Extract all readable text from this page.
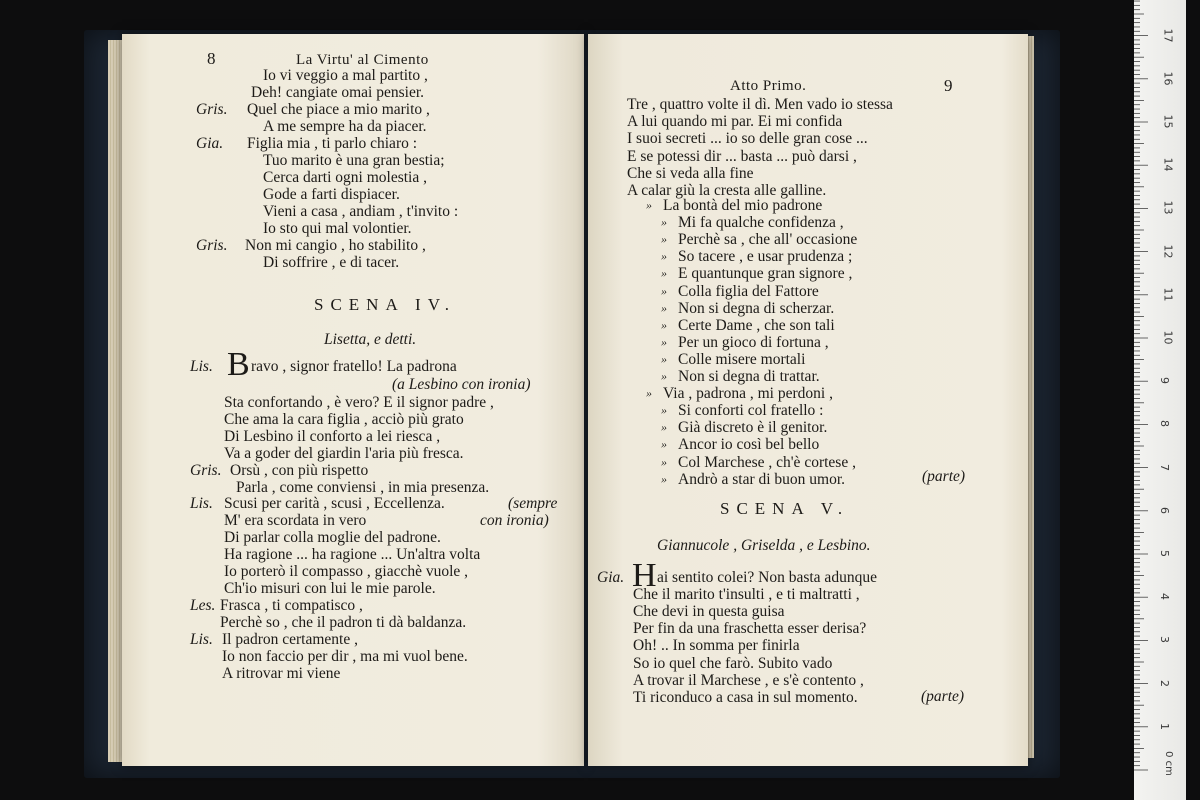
8	La Virtu' al Cimento
Io vi veggio a mal partito ,
Deh! cangiate omai pensier.
Gris. Quel che piace a mio marito ,
A me sempre ha da piacer.
Gia. Figlia mia , ti parlo chiaro :
Tuo marito è una gran bestia;
Cerca darti ogni molestia ,
Gode a farti dispiacer.
Vieni a casa , andiam , t'invito :
Io sto qui mal volontier.
Gris. Non mi cangio , ho stabilito ,
Di soffrire , e di tacer.
SCENA IV.
Lisetta, e detti.
Lis. B ravo , signor fratello! La padrona
(a Lesbino con ironia)
Sta confortando , è vero? E il signor padre ,
Che ama la cara figlia , acciò più grato
Di Lesbino il conforto a lei riesca ,
Va a goder del giardin l'aria più fresca.
Gris. Orsù , con più rispetto
Parla , come conviensi , in mia presenza.
Lis. Scusi per carità , scusi , Eccellenza.	(sempre
M' era scordata in vero	con ironia)
Di parlar colla moglie del padrone.
Ha ragione ... ha ragione ... Un'altra volta
Io porterò il compasso , giacchè vuole ,
Ch'io misuri con lui le mie parole.
Les. Frasca , ti compatisco ,
Perchè so , che il padron ti dà baldanza.
Lis. Il padron certamente ,
Io non faccio per dir , ma mi vuol bene.
A ritrovar mi viene
Atto Primo.	9
Tre , quattro volte il dì. Men vado io stessa
A lui quando mi par. Ei mi confida
I suoi secreti ... io so delle gran cose ...
E se potessi dir ... basta ... può darsi ,
Che si veda alla fine
A calar giù la cresta alle galline.
» La bontà del mio padrone
» Mi fa qualche confidenza ,
» Perchè sa , che all' occasione
» So tacere , e usar prudenza ;
» E quantunque gran signore ,
» Colla figlia del Fattore
» Non si degna di scherzar.
» Certe Dame , che son tali
» Per un gioco di fortuna ,
» Colle misere mortali
» Non si degna di trattar.
» Via , padrona , mi perdoni ,
» Si conforti col fratello :
» Già discreto è il genitor.
» Ancor io così bel bello
» Col Marchese , ch'è cortese ,
» Andrò a star di buon umor.	(parte)
SCENA V.
Giannucole , Griselda , e Lesbino.
Gia. H ai sentito colei? Non basta adunque
Che il marito t'insulti , e ti maltratti ,
Che devi in questa guisa
Per fin da una fraschetta esser derisa?
Oh! .. In somma per finirla
So io quel che farò. Subito vado
A trovar il Marchese , e s'è contento ,
Ti riconduco a casa in sul momento.	(parte)
1
2
3
4
5
6
7
8
9
10
11
12
13
14
15
16
17
0 cm
